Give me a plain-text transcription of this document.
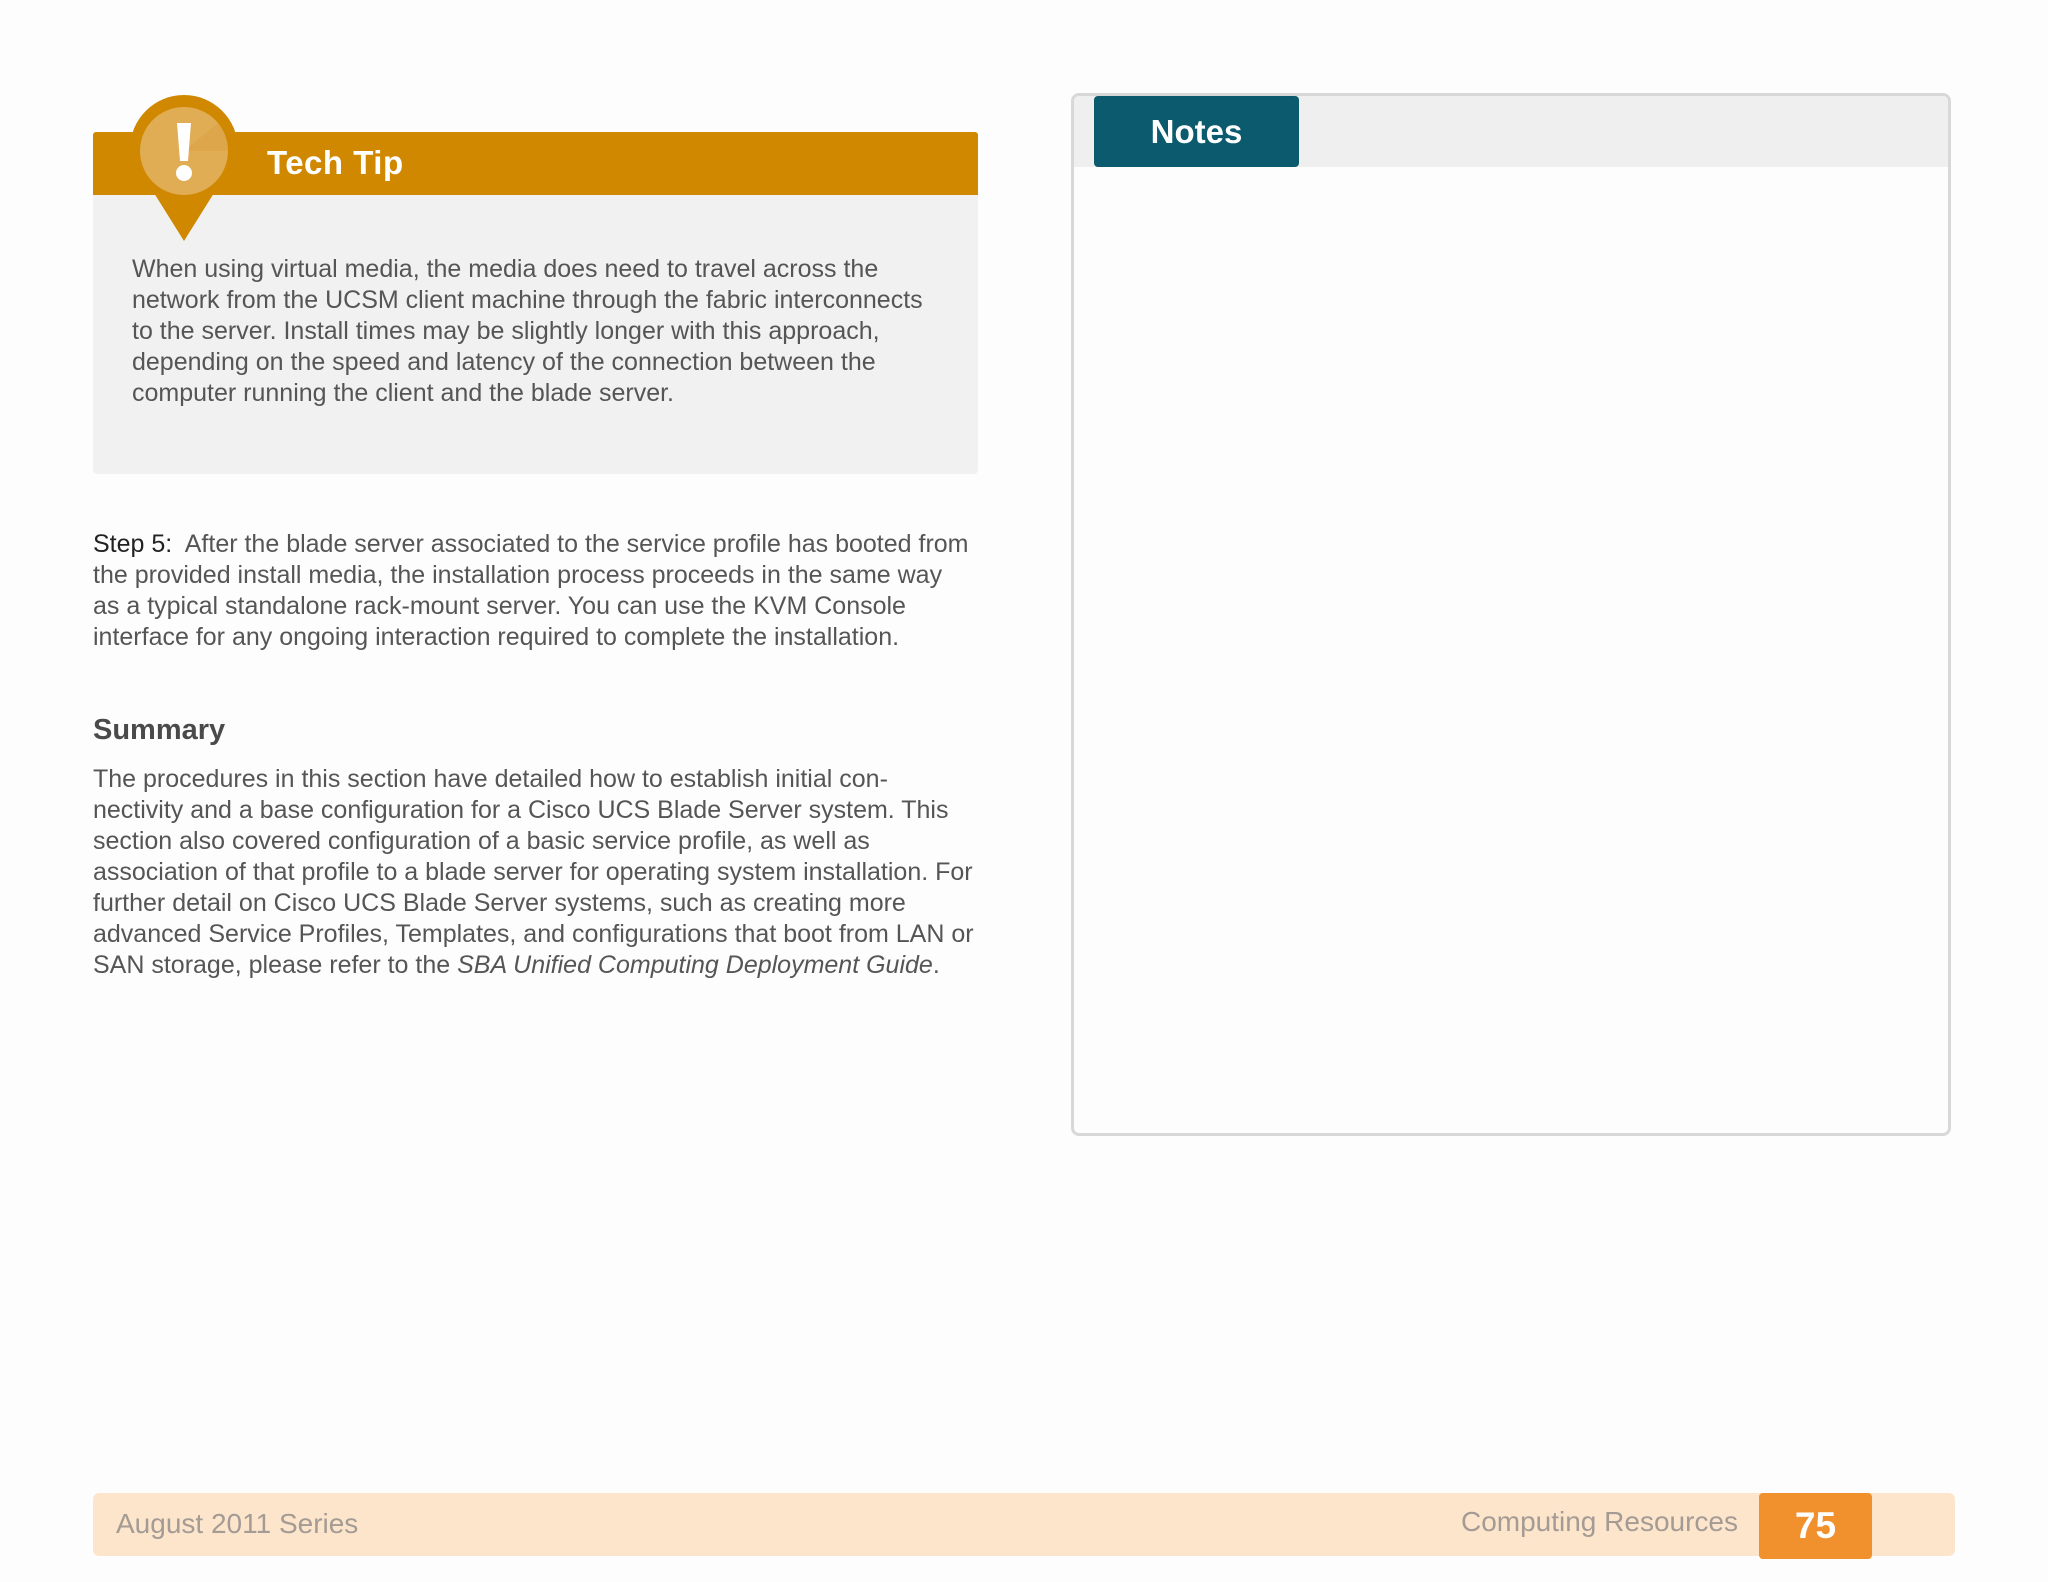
Tech Tip
When using virtual media, the media does need to travel across the network from the UCSM client machine through the fabric interconnects to the server. Install times may be slightly longer with this approach, depending on the speed and latency of the connection between the computer running the client and the blade server.
Step 5: After the blade server associated to the service profile has booted from the provided install media, the installation process proceeds in the same way as a typical standalone rack-mount server. You can use the KVM Console interface for any ongoing interaction required to complete the installation.
Summary
The procedures in this section have detailed how to establish initial con-nectivity and a base configuration for a Cisco UCS Blade Server system. This section also covered configuration of a basic service profile, as well as association of that profile to a blade server for operating system installation. For further detail on Cisco UCS Blade Server systems, such as creating more advanced Service Profiles, Templates, and configurations that boot from LAN or SAN storage, please refer to the SBA Unified Computing Deployment Guide.
Notes
August 2011 Series	Computing Resources	75
